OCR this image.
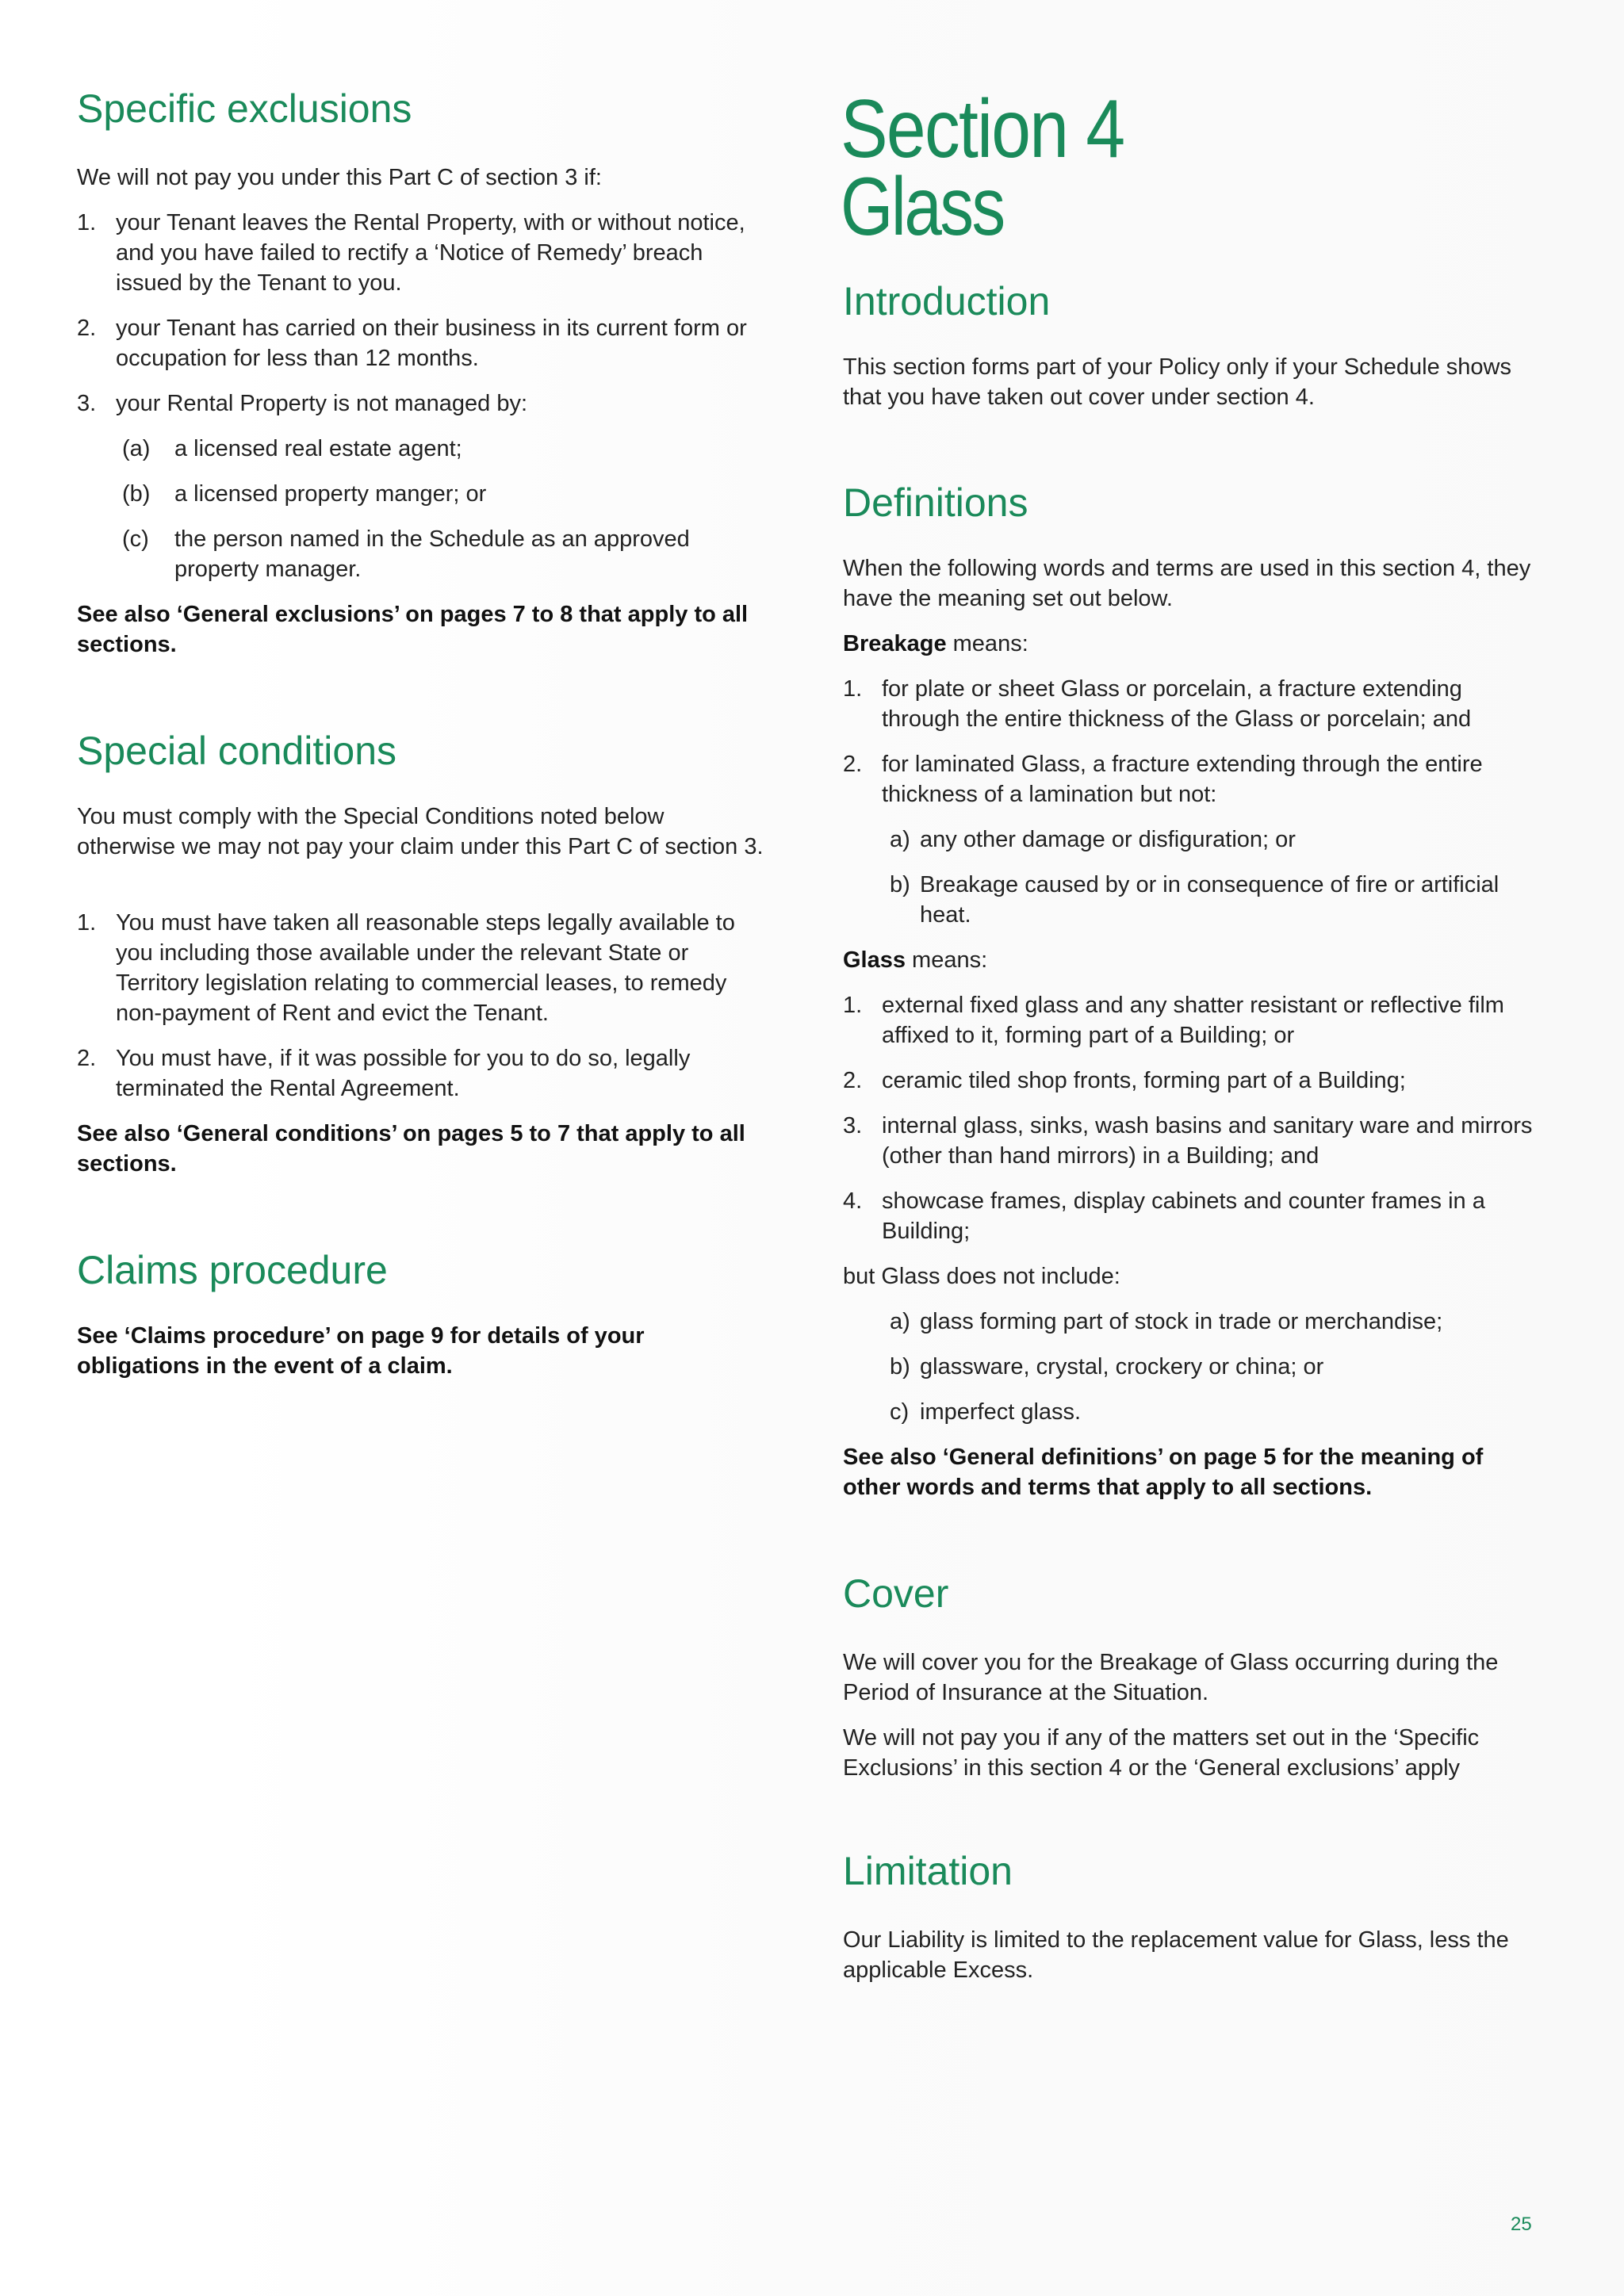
Specific exclusions

We will not pay you under this Part C of section 3 if:

1. your Tenant leaves the Rental Property, with or without notice, and you have failed to rectify a ‘Notice of Remedy’ breach issued by the Tenant to you.
2. your Tenant has carried on their business in its current form or occupation for less than 12 months.
3. your Rental Property is not managed by:
(a) a licensed real estate agent;
(b) a licensed property manger; or
(c) the person named in the Schedule as an approved property manager.

See also ‘General exclusions’ on pages 7 to 8 that apply to all sections.

Special conditions

You must comply with the Special Conditions noted below otherwise we may not pay your claim under this Part C of section 3.

1. You must have taken all reasonable steps legally available to you including those available under the relevant State or Territory legislation relating to commercial leases, to remedy non-payment of Rent and evict the Tenant.
2. You must have, if it was possible for you to do so, legally terminated the Rental Agreement.

See also ‘General conditions’ on pages 5 to 7 that apply to all sections.

Claims procedure

See ‘Claims procedure’ on page 9 for details of your obligations in the event of a claim.

Section 4
Glass
Introduction

This section forms part of your Policy only if your Schedule shows that you have taken out cover under section 4.

Definitions

When the following words and terms are used in this section 4, they have the meaning set out below.

Breakage means:

1. for plate or sheet Glass or porcelain, a fracture extending through the entire thickness of the Glass or porcelain; and
2. for laminated Glass, a fracture extending through the entire thickness of a lamination but not:
a) any other damage or disfiguration; or
b) Breakage caused by or in consequence of fire or artificial heat.

Glass means:

1. external fixed glass and any shatter resistant or reflective film affixed to it, forming part of a Building; or
2. ceramic tiled shop fronts, forming part of a Building;
3. internal glass, sinks, wash basins and sanitary ware and mirrors (other than hand mirrors) in a Building; and
4. showcase frames, display cabinets and counter frames in a Building;

but Glass does not include:

a) glass forming part of stock in trade or merchandise;
b) glassware, crystal, crockery or china; or
c) imperfect glass.

See also ‘General definitions’ on page 5 for the meaning of other words and terms that apply to all sections.

Cover

We will cover you for the Breakage of Glass occurring during the Period of Insurance at the Situation.

We will not pay you if any of the matters set out in the ‘Specific Exclusions’ in this section 4 or the ‘General exclusions’ apply

Limitation

Our Liability is limited to the replacement value for Glass, less the applicable Excess.

25
